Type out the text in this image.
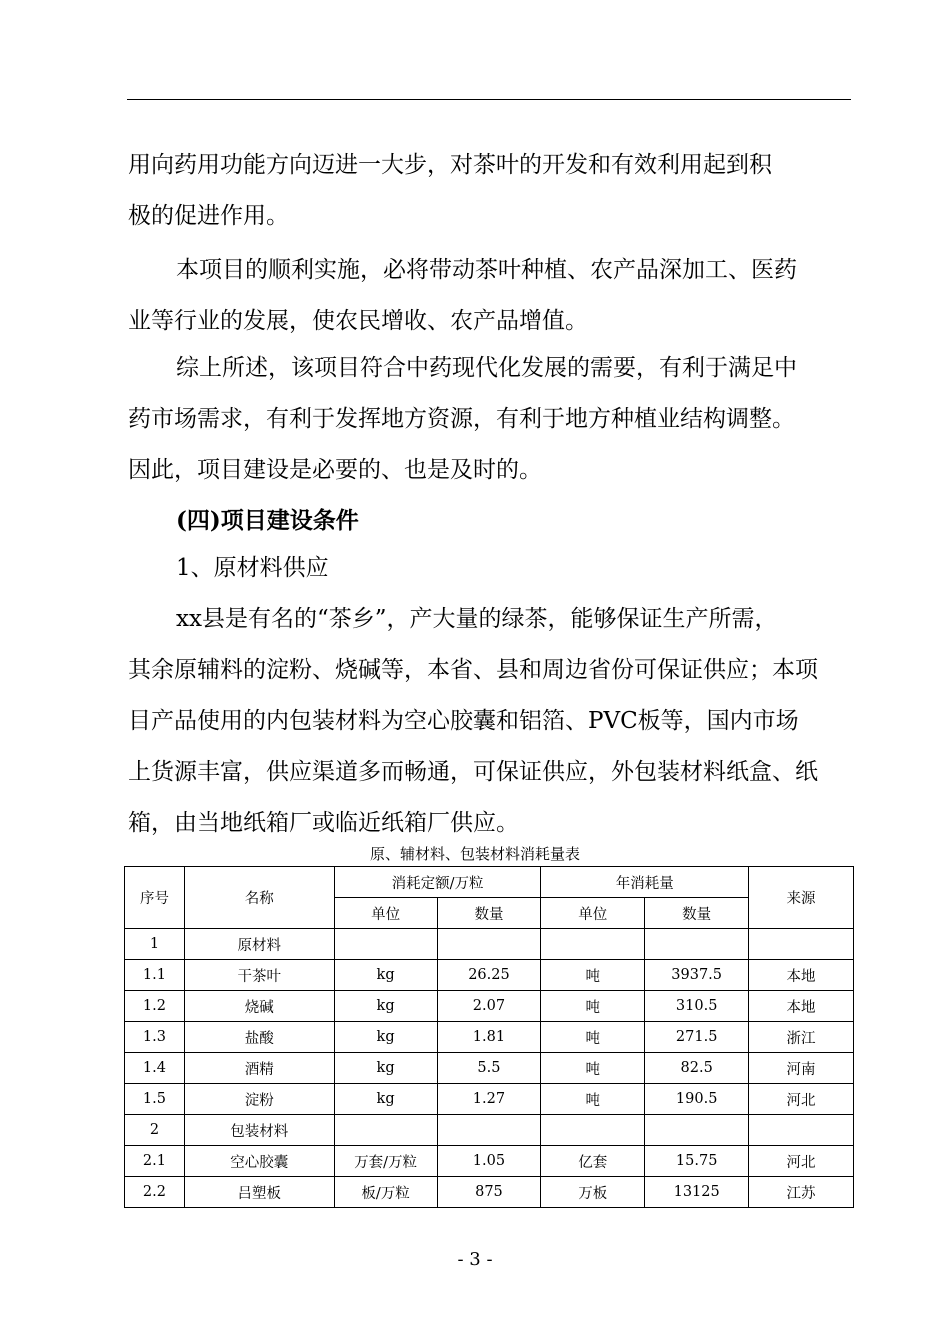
用向药用功能方向迈进一大步，对茶叶的开发和有效利用起到积
极的促进作用。

本项目的顺利实施，必将带动茶叶种植、农产品深加工、医药
业等行业的发展，使农民增收、农产品增值。

综上所述，该项目符合中药现代化发展的需要，有利于满足中
药市场需求，有利于发挥地方资源，有利于地方种植业结构调整。
因此，项目建设是必要的、也是及时的。

(四)项目建设条件
1、原材料供应

xx县是有名的“茶乡”，产大量的绿茶，能够保证生产所需，
其余原辅料的淀粉、烧碱等，本省、县和周边省份可保证供应；本项
目产品使用的内包装材料为空心胶囊和铝箔、PVC板等，国内市场
上货源丰富，供应渠道多而畅通，可保证供应，外包装材料纸盒、纸
箱，由当地纸箱厂或临近纸箱厂供应。

原、辅材料、包装材料消耗量表
序号	名称	消耗定额/万粒		年消耗量		来源
		单位	数量	单位	数量	
1	原材料					
1.1	干茶叶	kg	26.25	吨	3937.5	本地
1.2	烧碱	kg	2.07	吨	310.5	本地
1.3	盐酸	kg	1.81	吨	271.5	浙江
1.4	酒精	kg	5.5	吨	82.5	河南
1.5	淀粉	kg	1.27	吨	190.5	河北
2	包装材料					
2.1	空心胶囊	万套/万粒	1.05	亿套	15.75	河北
2.2	吕塑板	板/万粒	875	万板	13125	江苏
- 3 -
